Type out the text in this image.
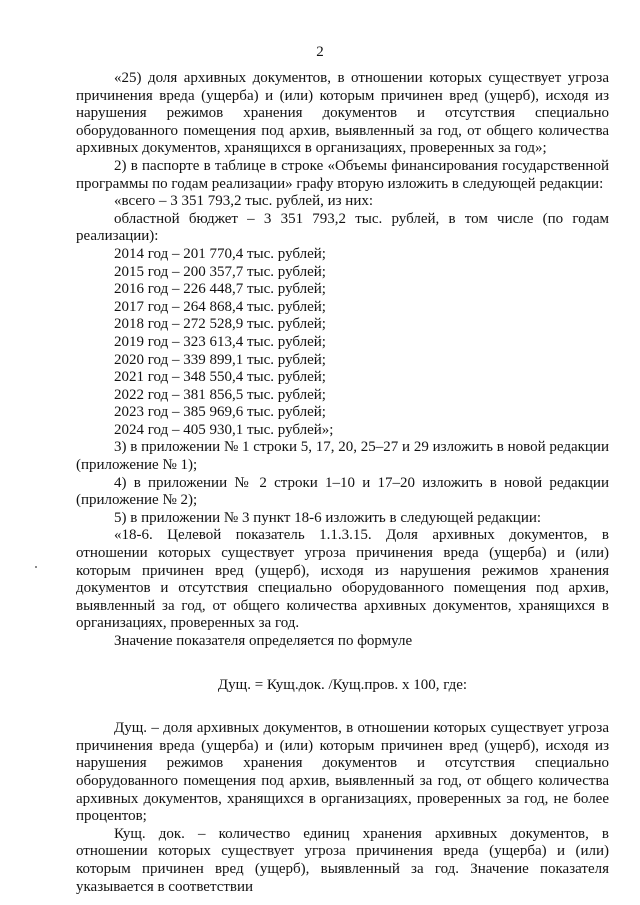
2

«25) доля архивных документов, в отношении которых существует угроза причинения вреда (ущерба) и (или) которым причинен вред (ущерб), исходя из нарушения режимов хранения документов и отсутствия специально оборудованного помещения под архив, выявленный за год, от общего количества архивных документов, хранящихся в организациях, проверенных за год»;

2) в паспорте в таблице в строке «Объемы финансирования государственной программы по годам реализации» графу вторую изложить в следующей редакции:

«всего – 3 351 793,2 тыс. рублей, из них:

областной бюджет – 3 351 793,2 тыс. рублей, в том числе (по годам реализации):

2014 год – 201 770,4 тыс. рублей;

2015 год – 200 357,7 тыс. рублей;

2016 год – 226 448,7 тыс. рублей;

2017 год – 264 868,4 тыс. рублей;

2018 год – 272 528,9 тыс. рублей;

2019 год – 323 613,4 тыс. рублей;

2020 год – 339 899,1 тыс. рублей;

2021 год – 348 550,4 тыс. рублей;

2022 год – 381 856,5 тыс. рублей;

2023 год – 385 969,6 тыс. рублей;

2024 год – 405 930,1 тыс. рублей»;

3) в приложении № 1 строки 5, 17, 20, 25–27 и 29 изложить в новой редакции (приложение № 1);

4) в приложении № 2 строки 1–10 и 17–20 изложить в новой редакции (приложение № 2);

5) в приложении № 3 пункт 18-6 изложить в следующей редакции:

«18-6. Целевой показатель 1.1.3.15. Доля архивных документов, в отношении которых существует угроза причинения вреда (ущерба) и (или) которым причинен вред (ущерб), исходя из нарушения режимов хранения документов и отсутствия специально оборудованного помещения под архив, выявленный за год, от общего количества архивных документов, хранящихся в организациях, проверенных за год.

Значение показателя определяется по формуле

Дущ. = Кущ.док. /Кущ.пров. х 100, где:

Дущ. – доля архивных документов, в отношении которых существует угроза причинения вреда (ущерба) и (или) которым причинен вред (ущерб), исходя из нарушения режимов хранения документов и отсутствия специально оборудованного помещения под архив, выявленный за год, от общего количества архивных документов, хранящихся в организациях, проверенных за год, не более процентов;

Кущ. док. – количество единиц хранения архивных документов, в отношении которых существует угроза причинения вреда (ущерба) и (или) которым причинен вред (ущерб), выявленный за год. Значение показателя указывается в соответствии
